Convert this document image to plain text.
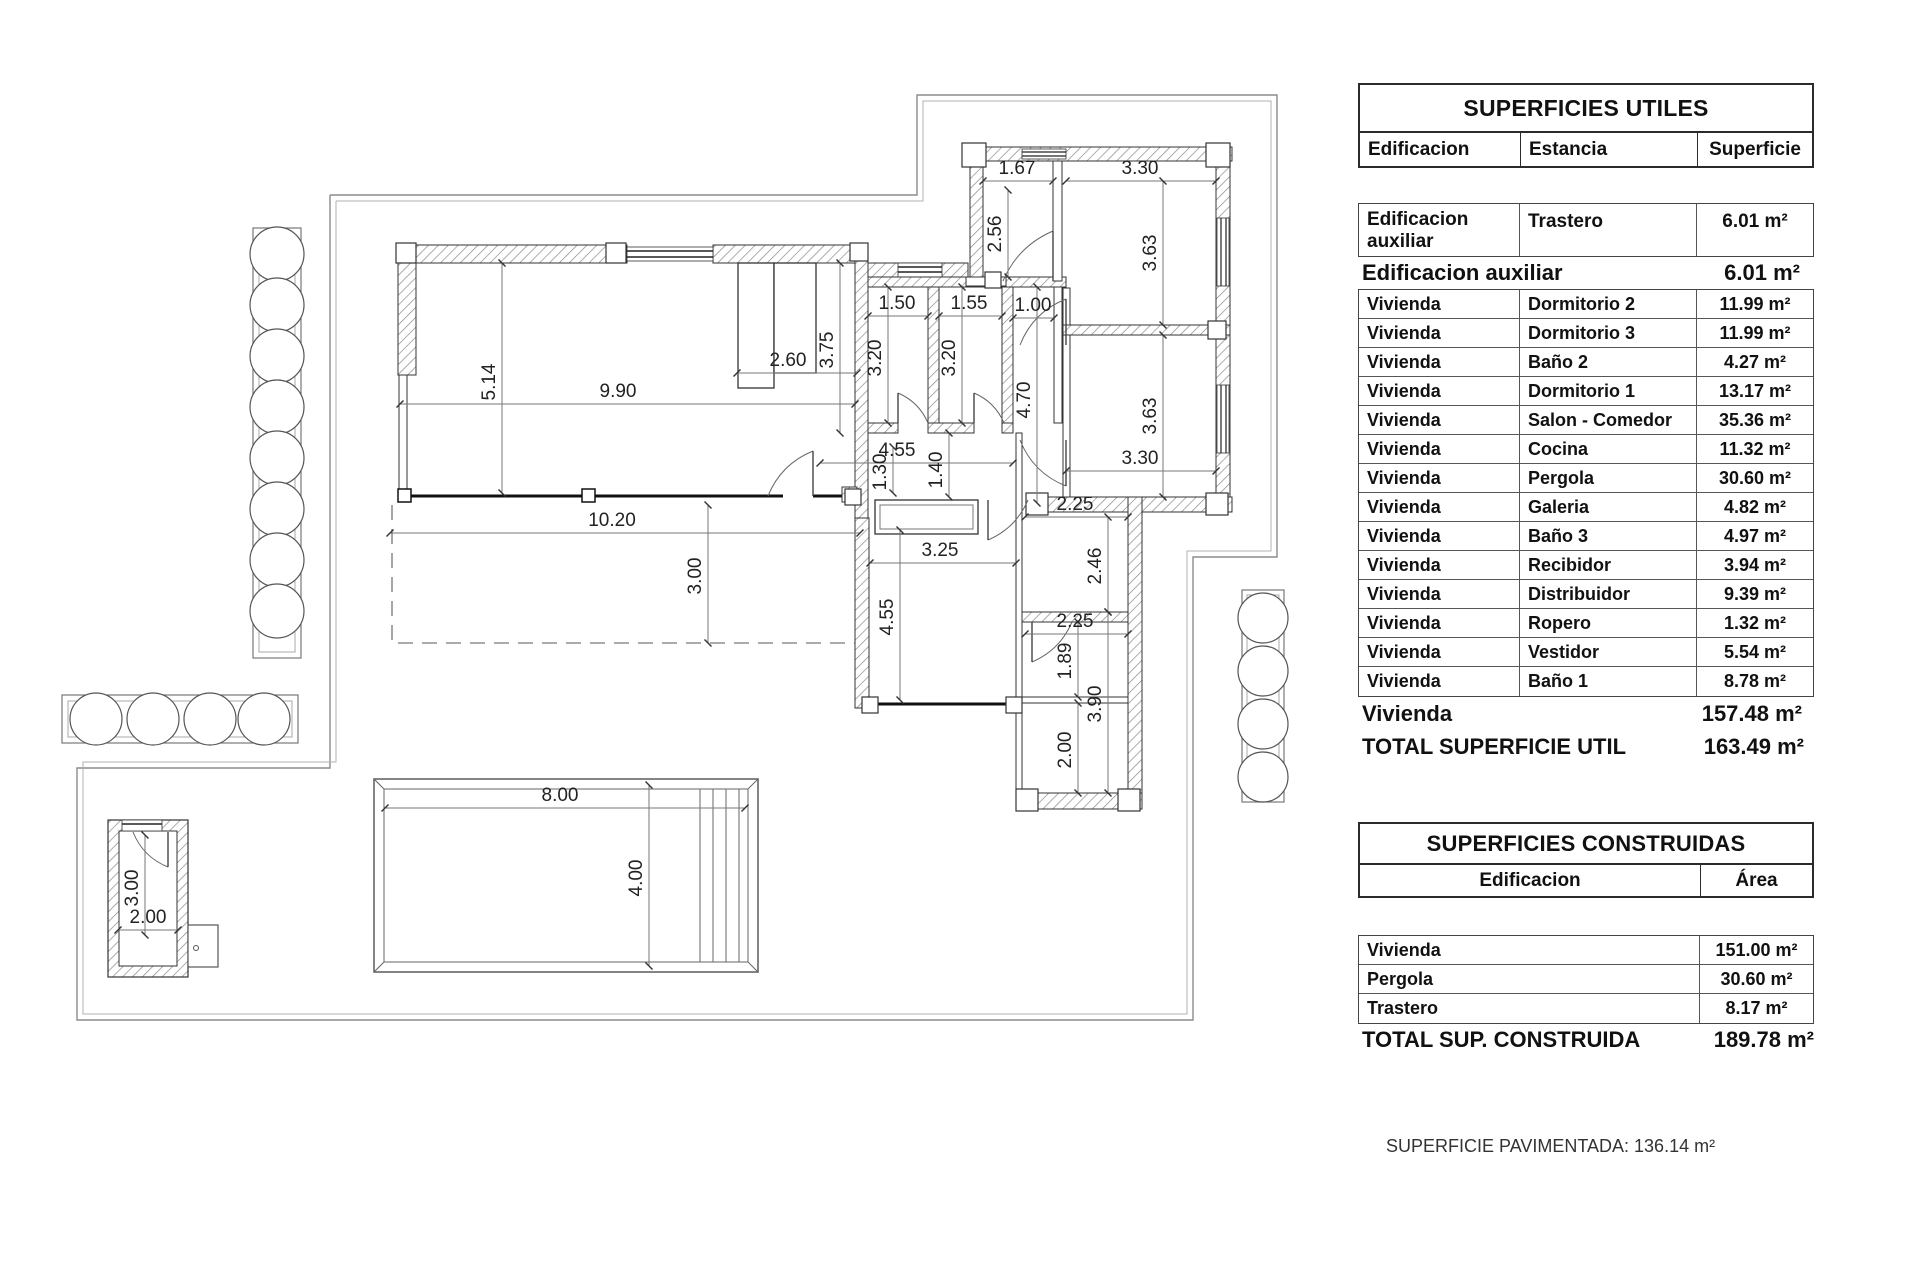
9.90
2.60
10.20
1.50 1.55 1.00
1.67	3.30
3.30
4.55
2.25
2.25
8.00
2.00
3.25
5.14
3.75 3.20	3.20
4.70
2.56
3.63
3.63
1.40
1.30
3.00
4.55
2.46
1.89
3.90
2.00
4.00
3.00
SUPERFICIES UTILES
Edificacion	Estancia	Superficie
Edificacion auxiliar
Trastero	6.01 m²
Edificacion auxiliar	6.01 m²
Vivienda	Dormitorio 2	11.99 m²
Vivienda	Dormitorio 3	11.99 m²
Vivienda	Baño 2	4.27 m²
Vivienda	Dormitorio 1	13.17 m²
Vivienda	Salon - Comedor	35.36 m²
Vivienda	Cocina	11.32 m²
Vivienda	Pergola	30.60 m²
Vivienda	Galeria	4.82 m²
Vivienda	Baño 3	4.97 m²
Vivienda	Recibidor	3.94 m²
Vivienda	Distribuidor	9.39 m²
Vivienda	Ropero	1.32 m²
Vivienda	Vestidor	5.54 m²
Vivienda	Baño 1	8.78 m²
Vivienda	157.48 m²
TOTAL SUPERFICIE UTIL	163.49 m²
SUPERFICIES CONSTRUIDAS
Edificacion	Área
Vivienda	151.00 m²
Pergola	30.60 m²
Trastero	8.17 m²
TOTAL SUP. CONSTRUIDA	189.78 m²
SUPERFICIE PAVIMENTADA: 136.14 m²
